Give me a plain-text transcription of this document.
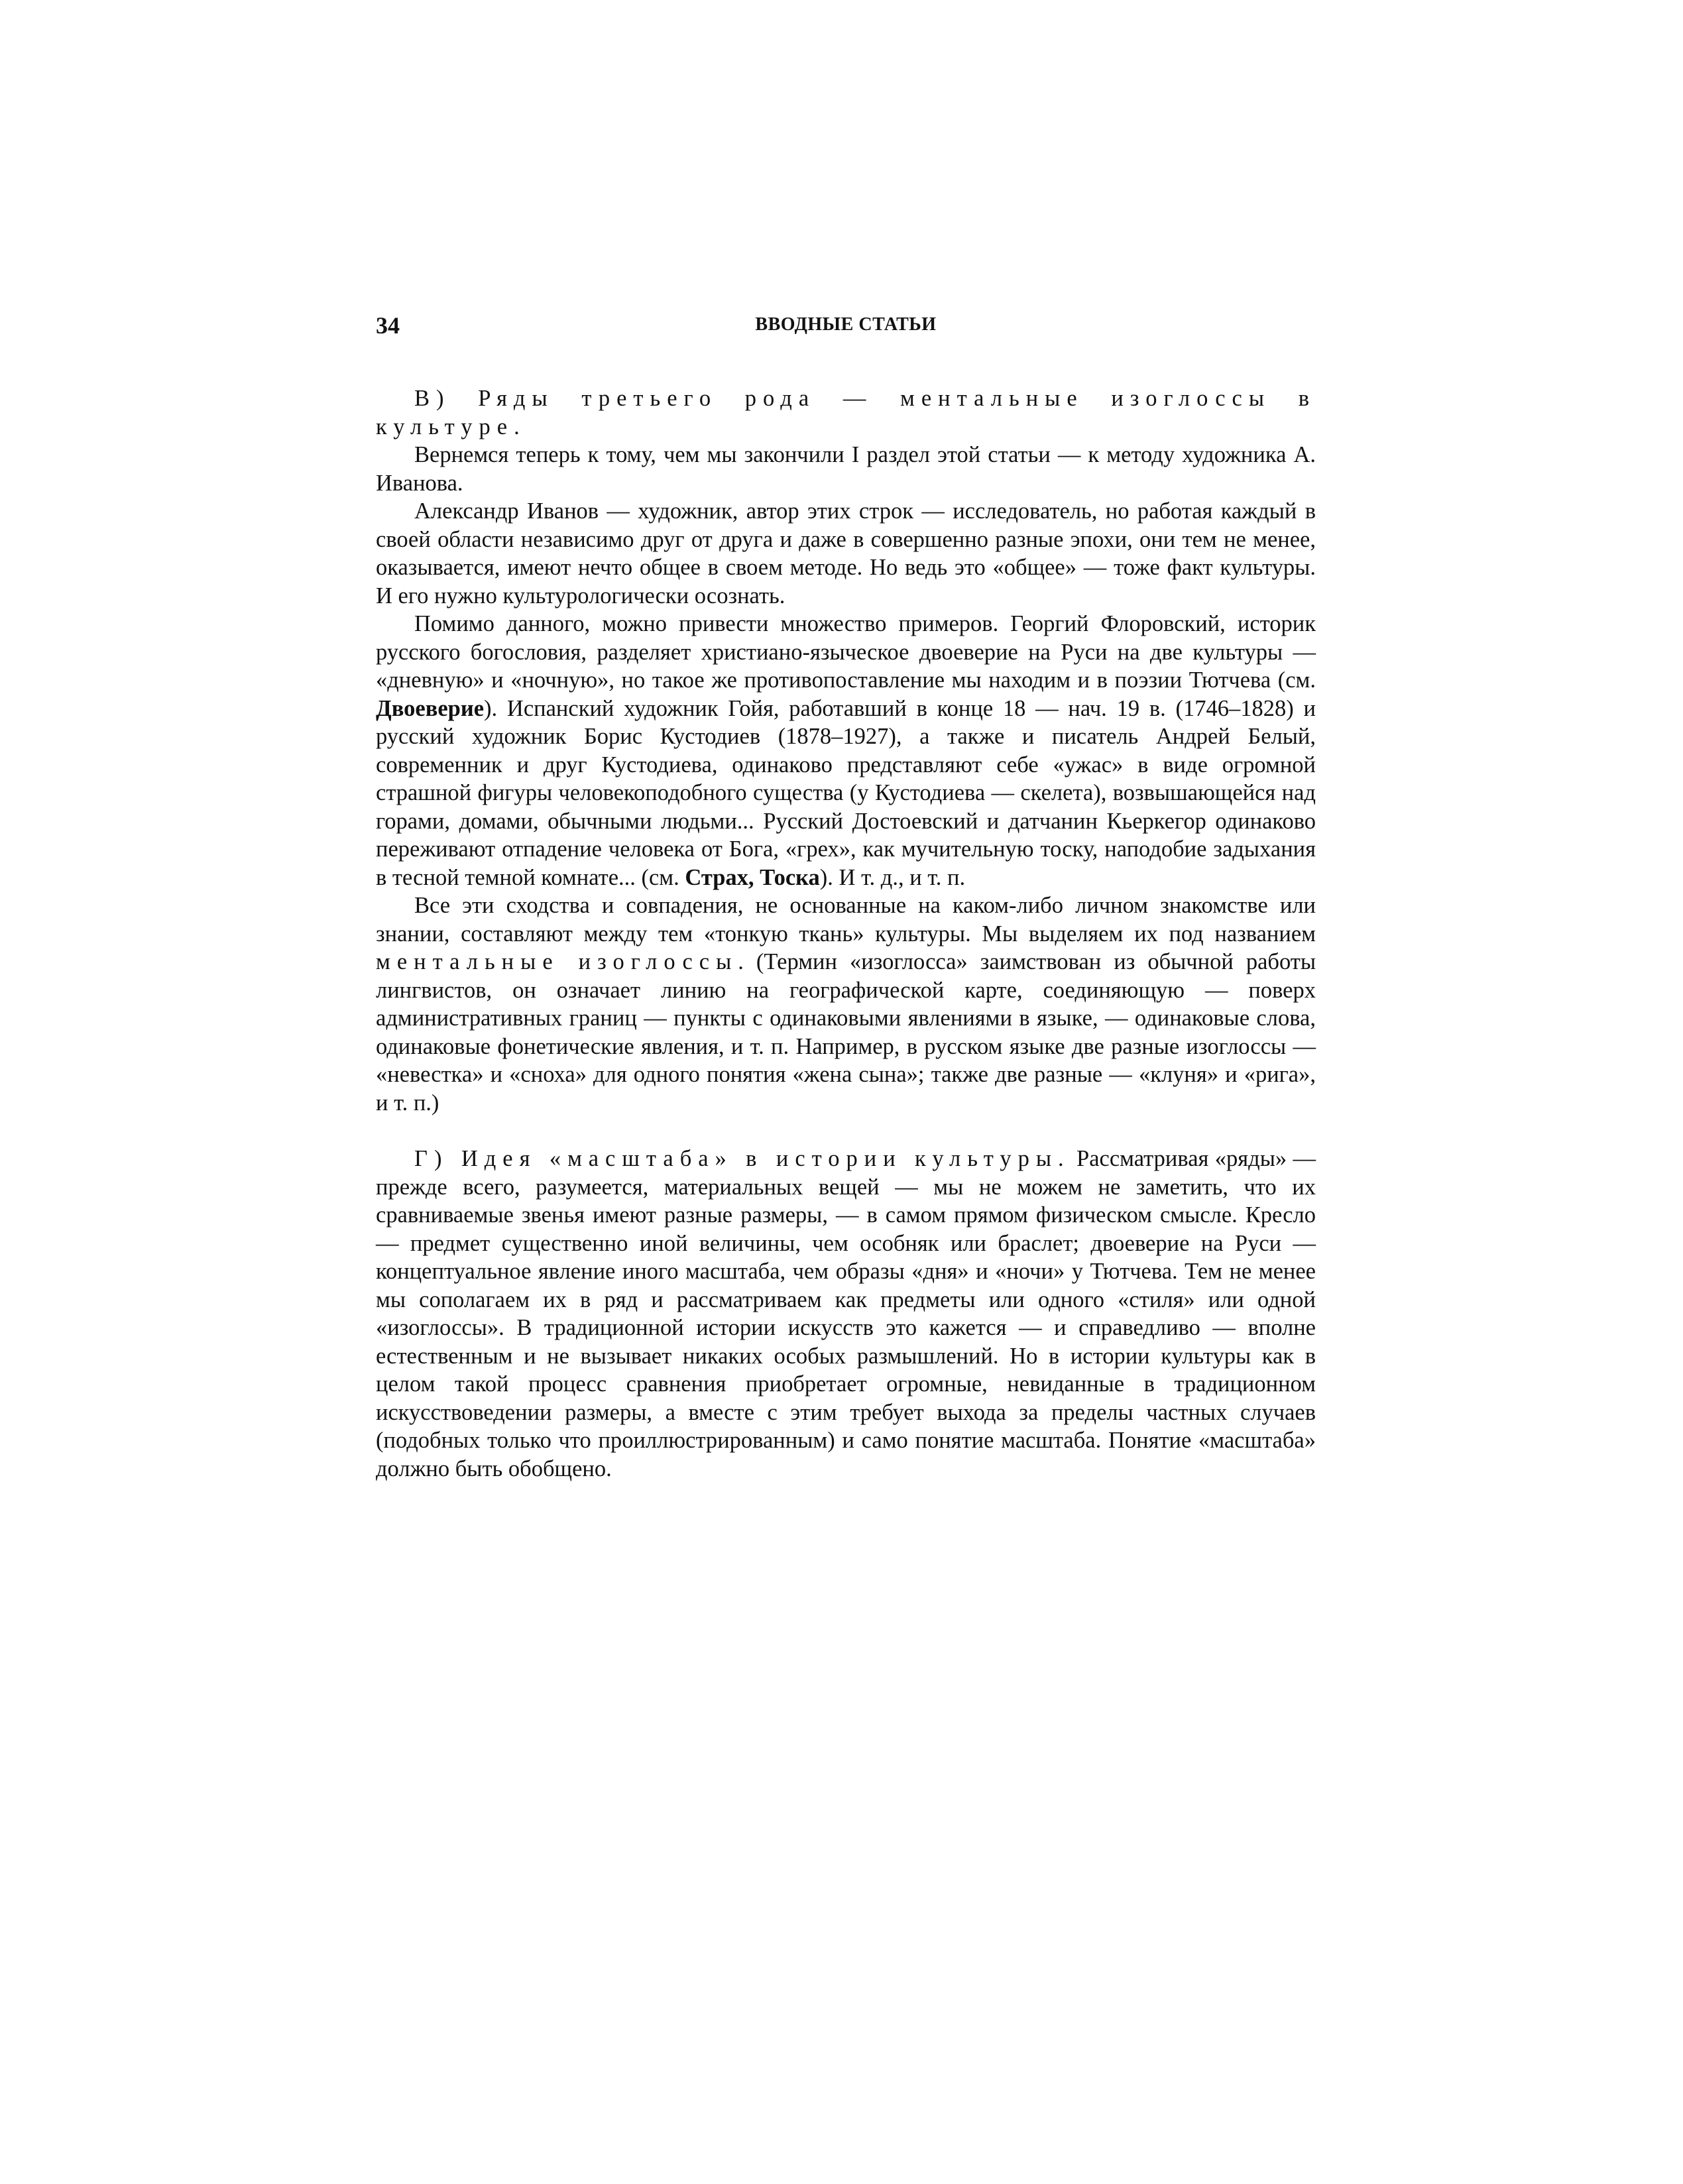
34	ВВОДНЫЕ СТАТЬИ

В) Ряды третьего рода — ментальные изоглоссы в культуре.

Вернемся теперь к тому, чем мы закончили I раздел этой статьи — к методу художника А. Иванова.

Александр Иванов — художник, автор этих строк — исследователь, но работая каждый в своей области независимо друг от друга и даже в совершенно разные эпохи, они тем не менее, оказывается, имеют нечто общее в своем методе. Но ведь это «общее» — тоже факт культуры. И его нужно культурологически осознать.

Помимо данного, можно привести множество примеров. Георгий Флоровский, историк русского богословия, разделяет христиано-языческое двоеверие на Руси на две культуры — «дневную» и «ночную», но такое же противопоставление мы находим и в поэзии Тютчева (см. Двоеверие). Испанский художник Гойя, работавший в конце 18 — нач. 19 в. (1746–1828) и русский художник Борис Кустодиев (1878–1927), а также и писатель Андрей Белый, современник и друг Кустодиева, одинаково представляют себе «ужас» в виде огромной страшной фигуры человекоподобного существа (у Кустодиева — скелета), возвышающейся над горами, домами, обычными людьми... Русский Достоевский и датчанин Кьеркегор одинаково переживают отпадение человека от Бога, «грех», как мучительную тоску, наподобие задыхания в тесной темной комнате... (см. Страх, Тоска). И т. д., и т. п.

Все эти сходства и совпадения, не основанные на каком-либо личном знакомстве или знании, составляют между тем «тонкую ткань» культуры. Мы выделяем их под названием ментальные изоглоссы. (Термин «изоглосса» заимствован из обычной работы лингвистов, он означает линию на географической карте, соединяющую — поверх административных границ — пункты с одинаковыми явлениями в языке, — одинаковые слова, одинаковые фонетические явления, и т. п. Например, в русском языке две разные изоглоссы — «невестка» и «сноха» для одного понятия «жена сына»; также две разные — «клуня» и «рига», и т. п.)

Г) Идея «масштаба» в истории культуры. Рассматривая «ряды» — прежде всего, разумеется, материальных вещей — мы не можем не заметить, что их сравниваемые звенья имеют разные размеры, — в самом прямом физическом смысле. Кресло — предмет существенно иной величины, чем особняк или браслет; двоеверие на Руси — концептуальное явление иного масштаба, чем образы «дня» и «ночи» у Тютчева. Тем не менее мы сополагаем их в ряд и рассматриваем как предметы или одного «стиля» или одной «изоглоссы». В традиционной истории искусств это кажется — и справедливо — вполне естественным и не вызывает никаких особых размышлений. Но в истории культуры как в целом такой процесс сравнения приобретает огромные, невиданные в традиционном искусствоведении размеры, а вместе с этим требует выхода за пределы частных случаев (подобных только что проиллюстрированным) и само понятие масштаба. Понятие «масштаба» должно быть обобщено.
